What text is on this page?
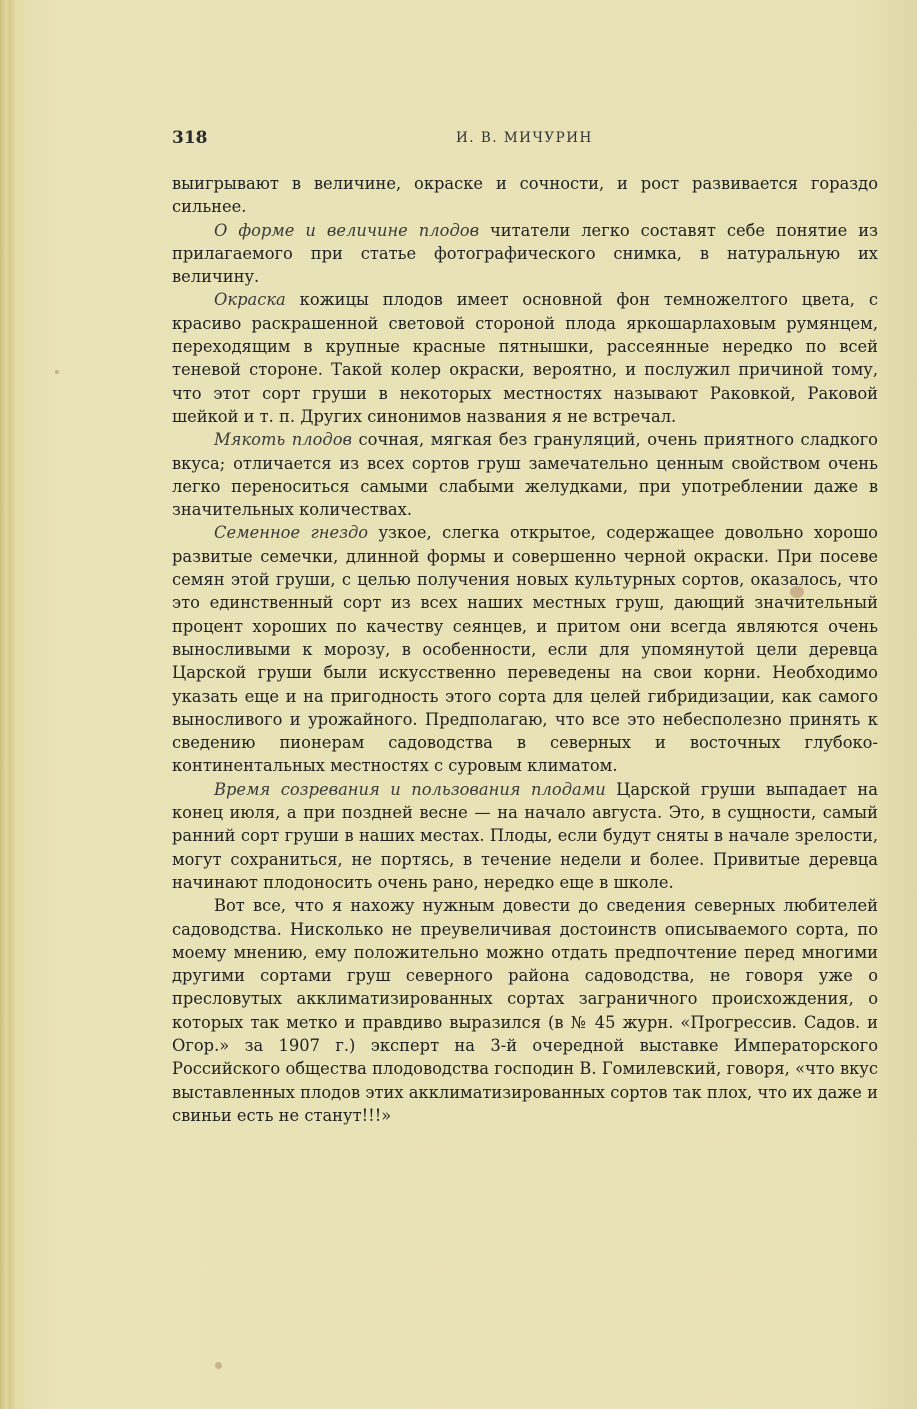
318	И. В. МИЧУРИН

выигрывают в величине, окраске и сочности, и рост развивается гораздо сильнее.

О форме и величине плодов читатели легко составят себе понятие из прилагаемого при статье фотографического снимка, в натуральную их величину.

Окраска кожицы плодов имеет основной фон темножелтого цвета, с красиво раскрашенной световой стороной плода яркошарлаховым румянцем, переходящим в крупные красные пятнышки, рассеянные нередко по всей теневой стороне. Такой колер окраски, вероятно, и послужил причиной тому, что этот сорт груши в некоторых местностях называют Раковкой, Раковой шейкой и т. п. Других синонимов названия я не встречал.

Мякоть плодов сочная, мягкая без грануляций, очень приятного сладкого вкуса; отличается из всех сортов груш замечательно ценным свойством очень легко переноситься самыми слабыми желудками, при употреблении даже в значительных количествах.

Семенное гнездо узкое, слегка открытое, содержащее довольно хорошо развитые семечки, длинной формы и совершенно черной окраски. При посеве семян этой груши, с целью получения новых культурных сортов, оказалось, что это единственный сорт из всех наших местных груш, дающий значительный процент хороших по качеству сеянцев, и притом они всегда являются очень выносливыми к морозу, в особенности, если для упомянутой цели деревца Царской груши были искусственно переведены на свои корни. Необходимо указать еще и на пригодность этого сорта для целей гибридизации, как самого выносливого и урожайного. Предполагаю, что все это небесполезно принять к сведению пионерам садоводства в северных и восточных глубоко-континентальных местностях с суровым климатом.

Время созревания и пользования плодами Царской груши выпадает на конец июля, а при поздней весне — на начало августа. Это, в сущности, самый ранний сорт груши в наших местах. Плоды, если будут сняты в начале зрелости, могут сохраниться, не портясь, в течение недели и более. Привитые деревца начинают плодоносить очень рано, нередко еще в школе.

Вот все, что я нахожу нужным довести до сведения северных любителей садоводства. Нисколько не преувеличивая достоинств описываемого сорта, по моему мнению, ему положительно можно отдать предпочтение перед многими другими сортами груш северного района садоводства, не говоря уже о пресловутых акклиматизированных сортах заграничного происхождения, о которых так метко и правдиво выразился (в № 45 журн. «Прогрессив. Садов. и Огор.» за 1907 г.) эксперт на 3-й очередной выставке Императорского Российского общества плодоводства господин В. Гомилевский, говоря, «что вкус выставленных плодов этих акклиматизированных сортов так плох, что их даже и свиньи есть не станут!!!»
